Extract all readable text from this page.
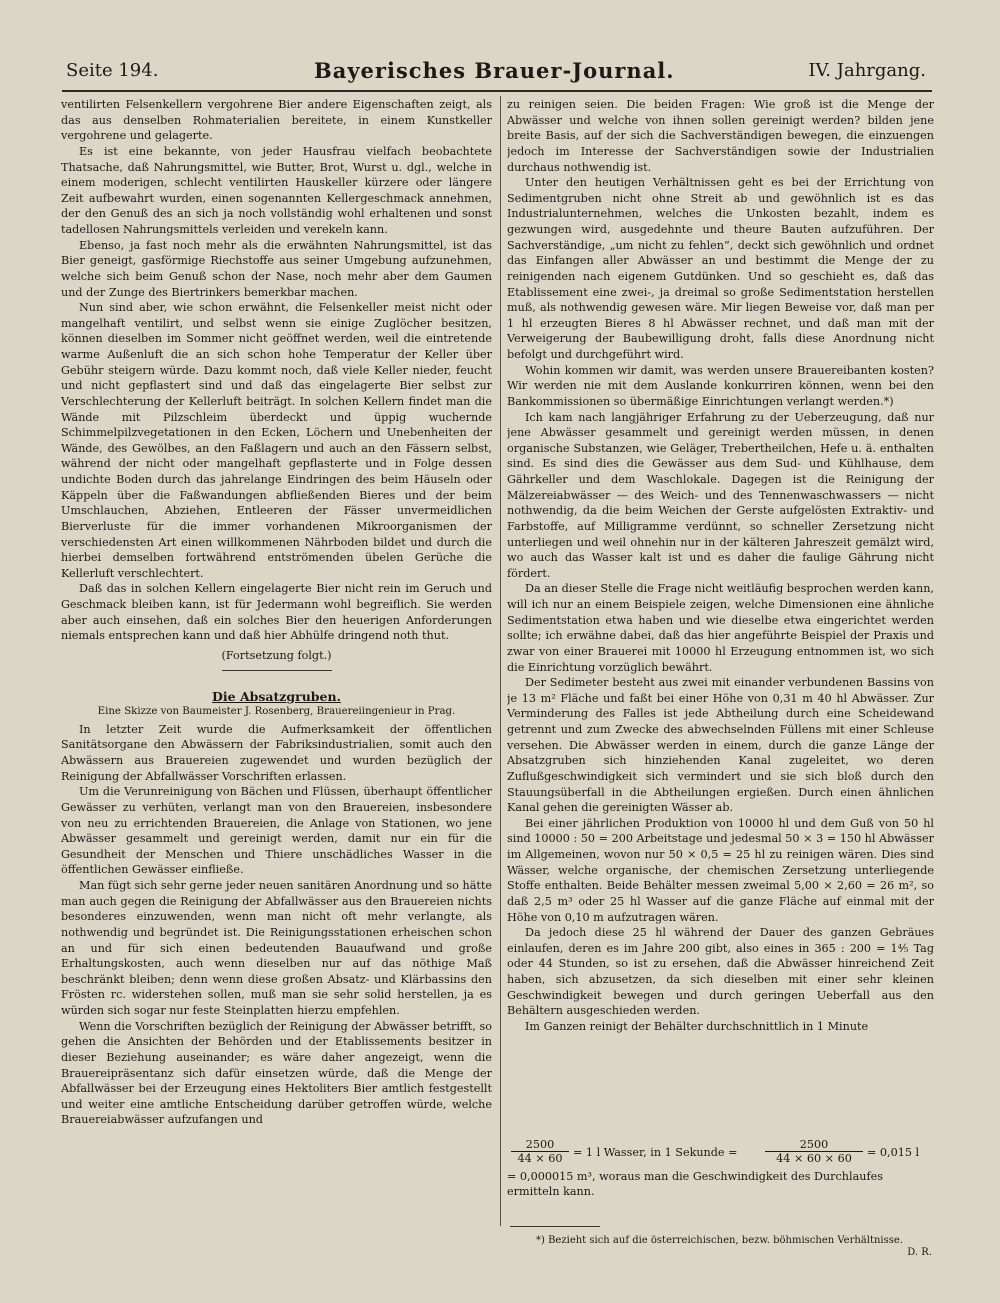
Seite 194.	Bayerisches Brauer-Journal.	IV. Jahrgang.

ventilirten Felsenkellern vergohrene Bier andere Eigenschaften zeigt, als das aus denselben Rohmaterialien bereitete, in einem Kunstkeller vergohrene und gelagerte.

Es ist eine bekannte, von jeder Hausfrau vielfach beobachtete Thatsache, daß Nahrungsmittel, wie Butter, Brot, Wurst u. dgl., welche in einem moderigen, schlecht ventilirten Hauskeller kürzere oder längere Zeit aufbewahrt wurden, einen sogenannten Kellergeschmack annehmen, der den Genuß des an sich ja noch vollständig wohl erhaltenen und sonst tadellosen Nahrungsmittels verleiden und verekeln kann.

Ebenso, ja fast noch mehr als die erwähnten Nahrungsmittel, ist das Bier geneigt, gasförmige Riechstoffe aus seiner Umgebung aufzunehmen, welche sich beim Genuß schon der Nase, noch mehr aber dem Gaumen und der Zunge des Biertrinkers bemerkbar machen.

Nun sind aber, wie schon erwähnt, die Felsenkeller meist nicht oder mangelhaft ventilirt, und selbst wenn sie einige Zuglöcher besitzen, können dieselben im Sommer nicht geöffnet werden, weil die eintretende warme Außenluft die an sich schon hohe Temperatur der Keller über Gebühr steigern würde. Dazu kommt noch, daß viele Keller nieder, feucht und nicht gepflastert sind und daß das eingelagerte Bier selbst zur Verschlechterung der Kellerluft beiträgt. In solchen Kellern findet man die Wände mit Pilzschleim überdeckt und üppig wuchernde Schimmelpilzvegetationen in den Ecken, Löchern und Unebenheiten der Wände, des Gewölbes, an den Faßlagern und auch an den Fässern selbst, während der nicht oder mangelhaft gepflasterte und in Folge dessen undichte Boden durch das jahrelange Eindringen des beim Häuseln oder Käppeln über die Faßwandungen abfließenden Bieres und der beim Umschlauchen, Abziehen, Entleeren der Fässer unvermeidlichen Bierverluste für die immer vorhandenen Mikroorganismen der verschiedensten Art einen willkommenen Nährboden bildet und durch die hierbei demselben fortwährend entströmenden übelen Gerüche die Kellerluft verschlechtert.

Daß das in solchen Kellern eingelagerte Bier nicht rein im Geruch und Geschmack bleiben kann, ist für Jedermann wohl begreiflich. Sie werden aber auch einsehen, daß ein solches Bier den heuerigen Anforderungen niemals entsprechen kann und daß hier Abhülfe dringend noth thut.

(Fortsetzung folgt.)

Die Absatzgruben.
Eine Skizze von Baumeister J. Rosenberg, Brauereiingenieur in Prag.

In letzter Zeit wurde die Aufmerksamkeit der öffentlichen Sanitätsorgane den Abwässern der Fabriksindustrialien, somit auch den Abwässern aus Brauereien zugewendet und wurden bezüglich der Reinigung der Abfallwässer Vorschriften erlassen.

Um die Verunreinigung von Bächen und Flüssen, überhaupt öffentlicher Gewässer zu verhüten, verlangt man von den Brauereien, insbesondere von neu zu errichtenden Brauereien, die Anlage von Stationen, wo jene Abwässer gesammelt und gereinigt werden, damit nur ein für die Gesundheit der Menschen und Thiere unschädliches Wasser in die öffentlichen Gewässer einfließe.

Man fügt sich sehr gerne jeder neuen sanitären Anordnung und so hätte man auch gegen die Reinigung der Abfallwässer aus den Brauereien nichts besonderes einzuwenden, wenn man nicht oft mehr verlangte, als nothwendig und begründet ist. Die Reinigungsstationen erheischen schon an und für sich einen bedeutenden Bauaufwand und große Erhaltungskosten, auch wenn dieselben nur auf das nöthige Maß beschränkt bleiben; denn wenn diese großen Absatz- und Klärbassins den Frösten rc. widerstehen sollen, muß man sie sehr solid herstellen, ja es würden sich sogar nur feste Steinplatten hierzu empfehlen.

Wenn die Vorschriften bezüglich der Reinigung der Abwässer betrifft, so gehen die Ansichten der Behörden und der Etablissements besitzer in dieser Beziehung auseinander; es wäre daher angezeigt, wenn die Brauereipräsentanz sich dafür einsetzen würde, daß die Menge der Abfallwässer bei der Erzeugung eines Hektoliters Bier amtlich festgestellt und weiter eine amtliche Entscheidung darüber getroffen würde, welche Brauereiabwässer aufzufangen und

zu reinigen seien. Die beiden Fragen: Wie groß ist die Menge der Abwässer und welche von ihnen sollen gereinigt werden? bilden jene breite Basis, auf der sich die Sachverständigen bewegen, die einzuengen jedoch im Interesse der Sachverständigen sowie der Industrialien durchaus nothwendig ist.

Unter den heutigen Verhältnissen geht es bei der Errichtung von Sedimentgruben nicht ohne Streit ab und gewöhnlich ist es das Industrialunternehmen, welches die Unkosten bezahlt, indem es gezwungen wird, ausgedehnte und theure Bauten aufzuführen. Der Sachverständige, „um nicht zu fehlen“, deckt sich gewöhnlich und ordnet das Einfangen aller Abwässer an und bestimmt die Menge der zu reinigenden nach eigenem Gutdünken. Und so geschieht es, daß das Etablissement eine zwei-, ja dreimal so große Sedimentstation herstellen muß, als nothwendig gewesen wäre. Mir liegen Beweise vor, daß man per 1 hl erzeugten Bieres 8 hl Abwässer rechnet, und daß man mit der Verweigerung der Baubewilligung droht, falls diese Anordnung nicht befolgt und durchgeführt wird.

Wohin kommen wir damit, was werden unsere Brauereibanten kosten? Wir werden nie mit dem Auslande konkurriren können, wenn bei den Bankommissionen so übermäßige Einrichtungen verlangt werden.*)

Ich kam nach langjähriger Erfahrung zu der Ueberzeugung, daß nur jene Abwässer gesammelt und gereinigt werden müssen, in denen organische Substanzen, wie Geläger, Trebertheilchen, Hefe u. ä. enthalten sind. Es sind dies die Gewässer aus dem Sud- und Kühlhause, dem Gährkeller und dem Waschlokale. Dagegen ist die Reinigung der Mälzereiabwässer — des Weich- und des Tennenwaschwassers — nicht nothwendig, da die beim Weichen der Gerste aufgelösten Extraktiv- und Farbstoffe, auf Milligramme verdünnt, so schneller Zersetzung nicht unterliegen und weil ohnehin nur in der kälteren Jahreszeit gemälzt wird, wo auch das Wasser kalt ist und es daher die faulige Gährung nicht fördert.

Da an dieser Stelle die Frage nicht weitläufig besprochen werden kann, will ich nur an einem Beispiele zeigen, welche Dimensionen eine ähnliche Sedimentstation etwa haben und wie dieselbe etwa eingerichtet werden sollte; ich erwähne dabei, daß das hier angeführte Beispiel der Praxis und zwar von einer Brauerei mit 10000 hl Erzeugung entnommen ist, wo sich die Einrichtung vorzüglich bewährt.

Der Sedimeter besteht aus zwei mit einander verbundenen Bassins von je 13 m² Fläche und faßt bei einer Höhe von 0,31 m 40 hl Abwässer. Zur Verminderung des Falles ist jede Abtheilung durch eine Scheidewand getrennt und zum Zwecke des abwechselnden Füllens mit einer Schleuse versehen. Die Abwässer werden in einem, durch die ganze Länge der Absatzgruben sich hinziehenden Kanal zugeleitet, wo deren Zuflußgeschwindigkeit sich vermindert und sie sich bloß durch den Stauungsüberfall in die Abtheilungen ergießen. Durch einen ähnlichen Kanal gehen die gereinigten Wässer ab.

Bei einer jährlichen Produktion von 10000 hl und dem Guß von 50 hl sind 10000 : 50 = 200 Arbeitstage und jedesmal 50 × 3 = 150 hl Abwässer im Allgemeinen, wovon nur 50 × 0,5 = 25 hl zu reinigen wären. Dies sind Wässer, welche organische, der chemischen Zersetzung unterliegende Stoffe enthalten. Beide Behälter messen zweimal 5,00 × 2,60 = 26 m², so daß 2,5 m³ oder 25 hl Wasser auf die ganze Fläche auf einmal mit der Höhe von 0,10 m aufzutragen wären.

Da jedoch diese 25 hl während der Dauer des ganzen Gebräues einlaufen, deren es im Jahre 200 gibt, also eines in 365 : 200 = 1⁴⁄₅ Tag oder 44 Stunden, so ist zu ersehen, daß die Abwässer hinreichend Zeit haben, sich abzusetzen, da sich dieselben mit einer sehr kleinen Geschwindigkeit bewegen und durch geringen Ueberfall aus den Behältern ausgeschieden werden.

Im Ganzen reinigt der Behälter durchschnittlich in 1 Minute

$\frac{2500}{44 \times 60} = 1$ l Wasser, in 1 Sekunde = $\frac{2500}{44 \times 60 \times 60} = 0,015$ l
= 0,000015 m³, woraus man die Geschwindigkeit des Durchlaufes ermitteln kann.
*) Bezieht sich auf die österreichischen, bezw. böhmischen Verhältnisse.
D. R.
